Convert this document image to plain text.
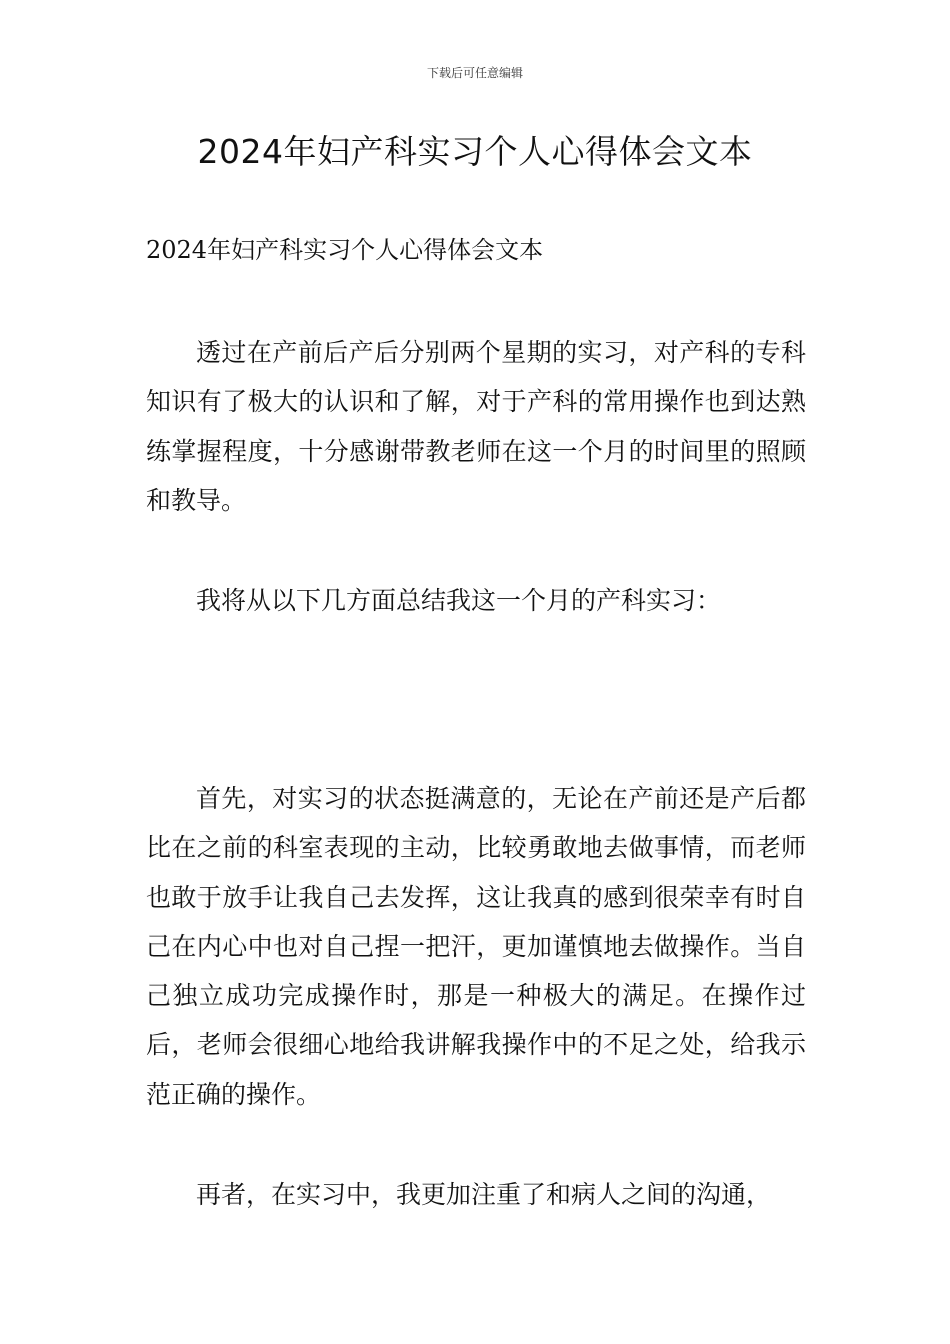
下载后可任意编辑
2024年妇产科实习个人心得体会文本

2024年妇产科实习个人心得体会文本

透过在产前后产后分别两个星期的实习，对产科的专科知识有了极大的认识和了解，对于产科的常用操作也到达熟练掌握程度，十分感谢带教老师在这一个月的时间里的照顾和教导。

我将从以下几方面总结我这一个月的产科实习：

首先，对实习的状态挺满意的，无论在产前还是产后都比在之前的科室表现的主动，比较勇敢地去做事情，而老师也敢于放手让我自己去发挥，这让我真的感到很荣幸有时自己在内心中也对自己捏一把汗，更加谨慎地去做操作。当自己独立成功完成操作时，那是一种极大的满足。在操作过后，老师会很细心地给我讲解我操作中的不足之处，给我示范正确的操作。

再者，在实习中，我更加注重了和病人之间的沟通，
